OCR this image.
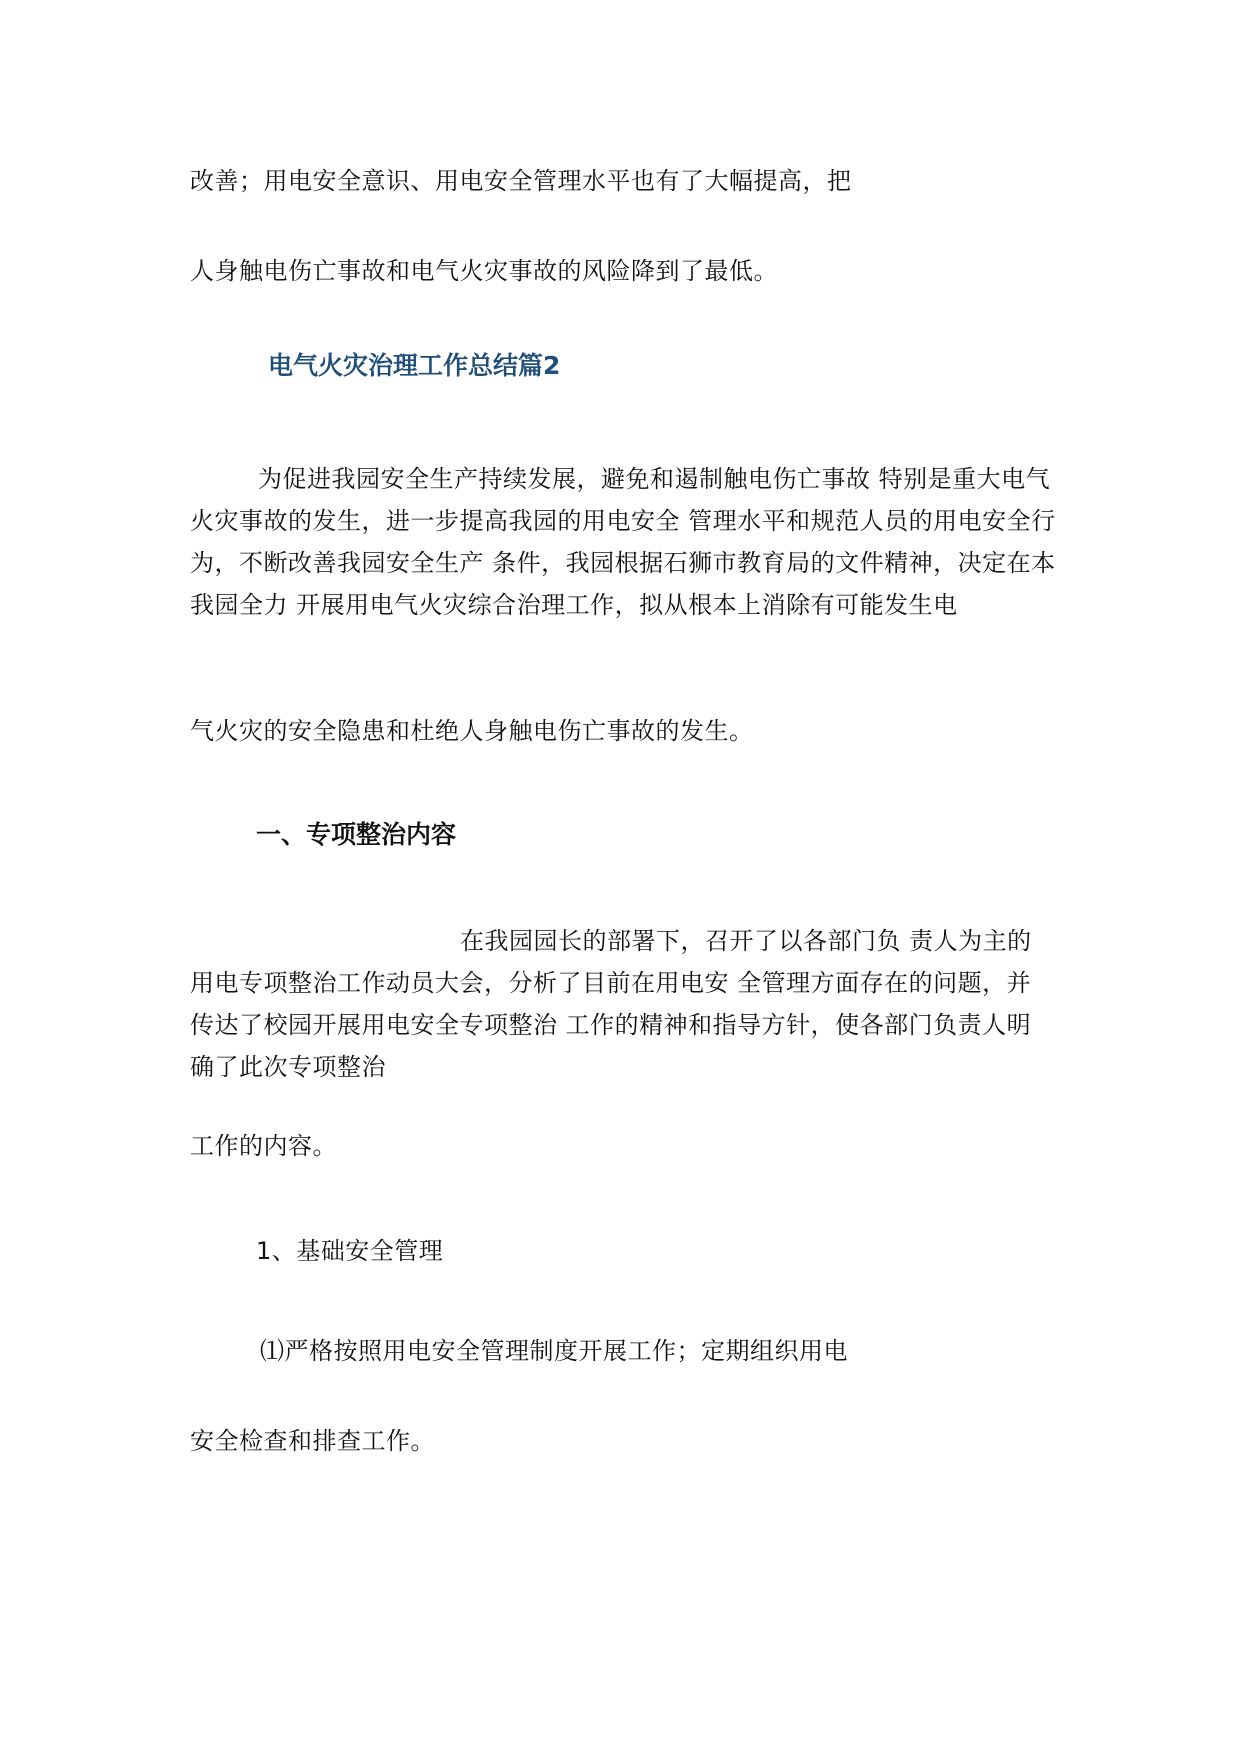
改善；用电安全意识、用电安全管理水平也有了大幅提高，把
人身触电伤亡事故和电气火灾事故的风险降到了最低。
电气火灾治理工作总结篇2
为促进我园安全生产持续发展，避免和遏制触电伤亡事故 特别是重大电气火灾事故的发生，进一步提高我园的用电安全 管理水平和规范人员的用电安全行为，不断改善我园安全生产 条件，我园根据石狮市教育局的文件精神，决定在本我园全力 开展用电气火灾综合治理工作，拟从根本上消除有可能发生电
气火灾的安全隐患和杜绝人身触电伤亡事故的发生。
一、专项整治内容
在我园园长的部署下，召开了以各部门负 责人为主的用电专项整治工作动员大会，分析了目前在用电安 全管理方面存在的问题，并传达了校园开展用电安全专项整治 工作的精神和指导方针，使各部门负责人明确了此次专项整治
工作的内容。
1、基础安全管理
⑴严格按照用电安全管理制度开展工作；定期组织用电
安全检查和排查工作。
